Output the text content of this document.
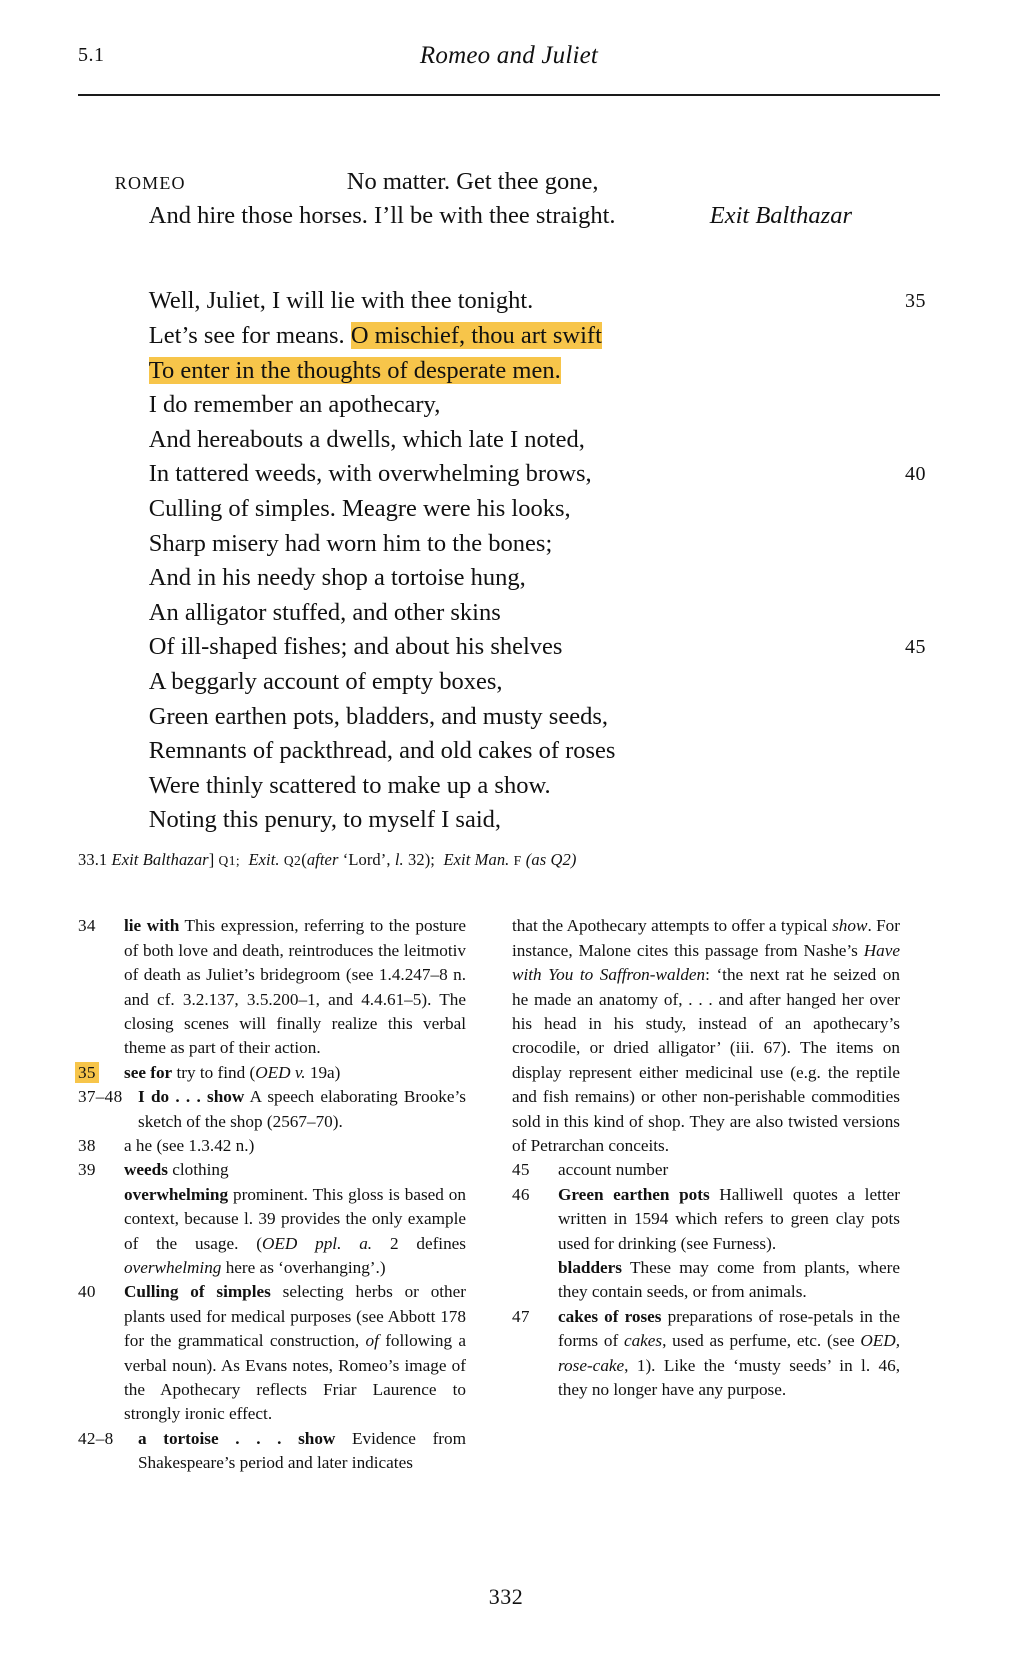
5.1	Romeo and Juliet

ROMEO	No matter. Get thee gone,

And hire those horses. I’ll be with thee straight.
	Exit Balthazar

Well, Juliet, I will lie with thee tonight.

Let’s see for means. O mischief, thou art swift

35

To enter in the thoughts of desperate men.

I do remember an apothecary,

And hereabouts a dwells, which late I noted,

In tattered weeds, with overwhelming brows,

Culling of simples. Meagre were his looks,

40

Sharp misery had worn him to the bones;

And in his needy shop a tortoise hung,

An alligator stuffed, and other skins

Of ill-shaped fishes; and about his shelves

A beggarly account of empty boxes,

45

Green earthen pots, bladders, and musty seeds,

Remnants of packthread, and old cakes of roses

Were thinly scattered to make up a show.

Noting this penury, to myself I said,

33.1 Exit Balthazar] Q1; Exit. Q2(after ‘Lord’, l. 32); Exit Man. F (as Q2)
34	lie with This expression, referring to the posture of both love and death, reintroduces the leitmotiv of death as Juliet’s bridegroom (see 1.4.247–8 n. and cf. 3.2.137, 3.5.200–1, and 4.4.61–5). The closing scenes will finally realize this verbal theme as part of their action.
35	see for try to find (OED v. 19a)
37–48 I do . . . show A speech elaborating Brooke’s sketch of the shop (2567–70).
38	a he (see 1.3.42 n.)
39	weeds clothing
overwhelming prominent. This gloss is based on context, because l. 39 provides the only example of the usage. (OED ppl. a. 2 defines overwhelming here as ‘overhanging’.)
40	Culling of simples selecting herbs or other plants used for medical purposes (see Abbott 178 for the grammatical construction, of following a verbal noun). As Evans notes, Romeo’s image of the Apothecary reflects Friar Laurence to strongly ironic effect.
42–8	a tortoise . . . show Evidence from Shakespeare’s period and later indicates
that the Apothecary attempts to offer a typical show. For instance, Malone cites this passage from Nashe’s Have with You to Saffron-walden: ‘the next rat he seized on he made an anatomy of, . . . and after hanged her over his head in his study, instead of an apothecary’s crocodile, or dried alligator’ (iii. 67). The items on display represent either medicinal use (e.g. the reptile and fish remains) or other non-perishable commodities sold in this kind of shop. They are also twisted versions of Petrarchan conceits.
45	account number
46	Green earthen pots Halliwell quotes a letter written in 1594 which refers to green clay pots used for drinking (see Furness).
bladders These may come from plants, where they contain seeds, or from animals.
47	cakes of roses preparations of rose-petals in the forms of cakes, used as perfume, etc. (see OED, rose-cake, 1). Like the ‘musty seeds’ in l. 46, they no longer have any purpose.
332
